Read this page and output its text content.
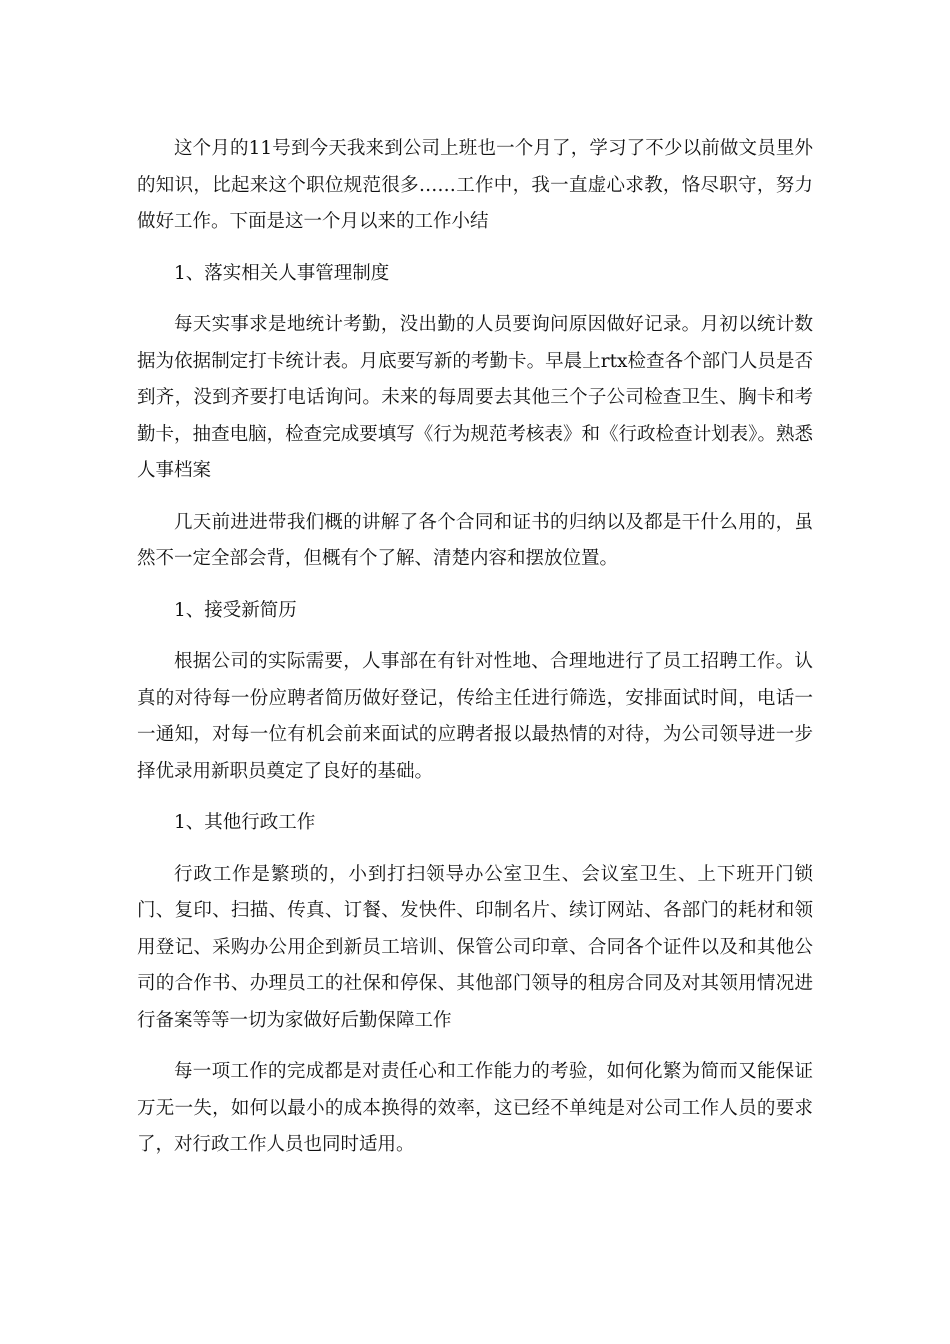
这个月的11号到今天我来到公司上班也一个月了，学习了不少以前做文员里外的知识，比起来这个职位规范很多……工作中，我一直虚心求教，恪尽职守，努力做好工作。下面是这一个月以来的工作小结

1、落实相关人事管理制度

每天实事求是地统计考勤，没出勤的人员要询问原因做好记录。月初以统计数据为依据制定打卡统计表。月底要写新的考勤卡。早晨上rtx检查各个部门人员是否到齐，没到齐要打电话询问。未来的每周要去其他三个子公司检查卫生、胸卡和考勤卡，抽查电脑，检查完成要填写《行为规范考核表》和《行政检查计划表》。熟悉人事档案

几天前进进带我们概的讲解了各个合同和证书的归纳以及都是干什么用的，虽然不一定全部会背，但概有个了解、清楚内容和摆放位置。

1、接受新简历

根据公司的实际需要，人事部在有针对性地、合理地进行了员工招聘工作。认真的对待每一份应聘者简历做好登记，传给主任进行筛选，安排面试时间，电话一一通知，对每一位有机会前来面试的应聘者报以最热情的对待，为公司领导进一步择优录用新职员奠定了良好的基础。

1、其他行政工作

行政工作是繁琐的，小到打扫领导办公室卫生、会议室卫生、上下班开门锁门、复印、扫描、传真、订餐、发快件、印制名片、续订网站、各部门的耗材和领用登记、采购办公用企到新员工培训、保管公司印章、合同各个证件以及和其他公司的合作书、办理员工的社保和停保、其他部门领导的租房合同及对其领用情况进行备案等等一切为家做好后勤保障工作

每一项工作的完成都是对责任心和工作能力的考验，如何化繁为简而又能保证万无一失，如何以最小的成本换得的效率，这已经不单纯是对公司工作人员的要求了，对行政工作人员也同时适用。
